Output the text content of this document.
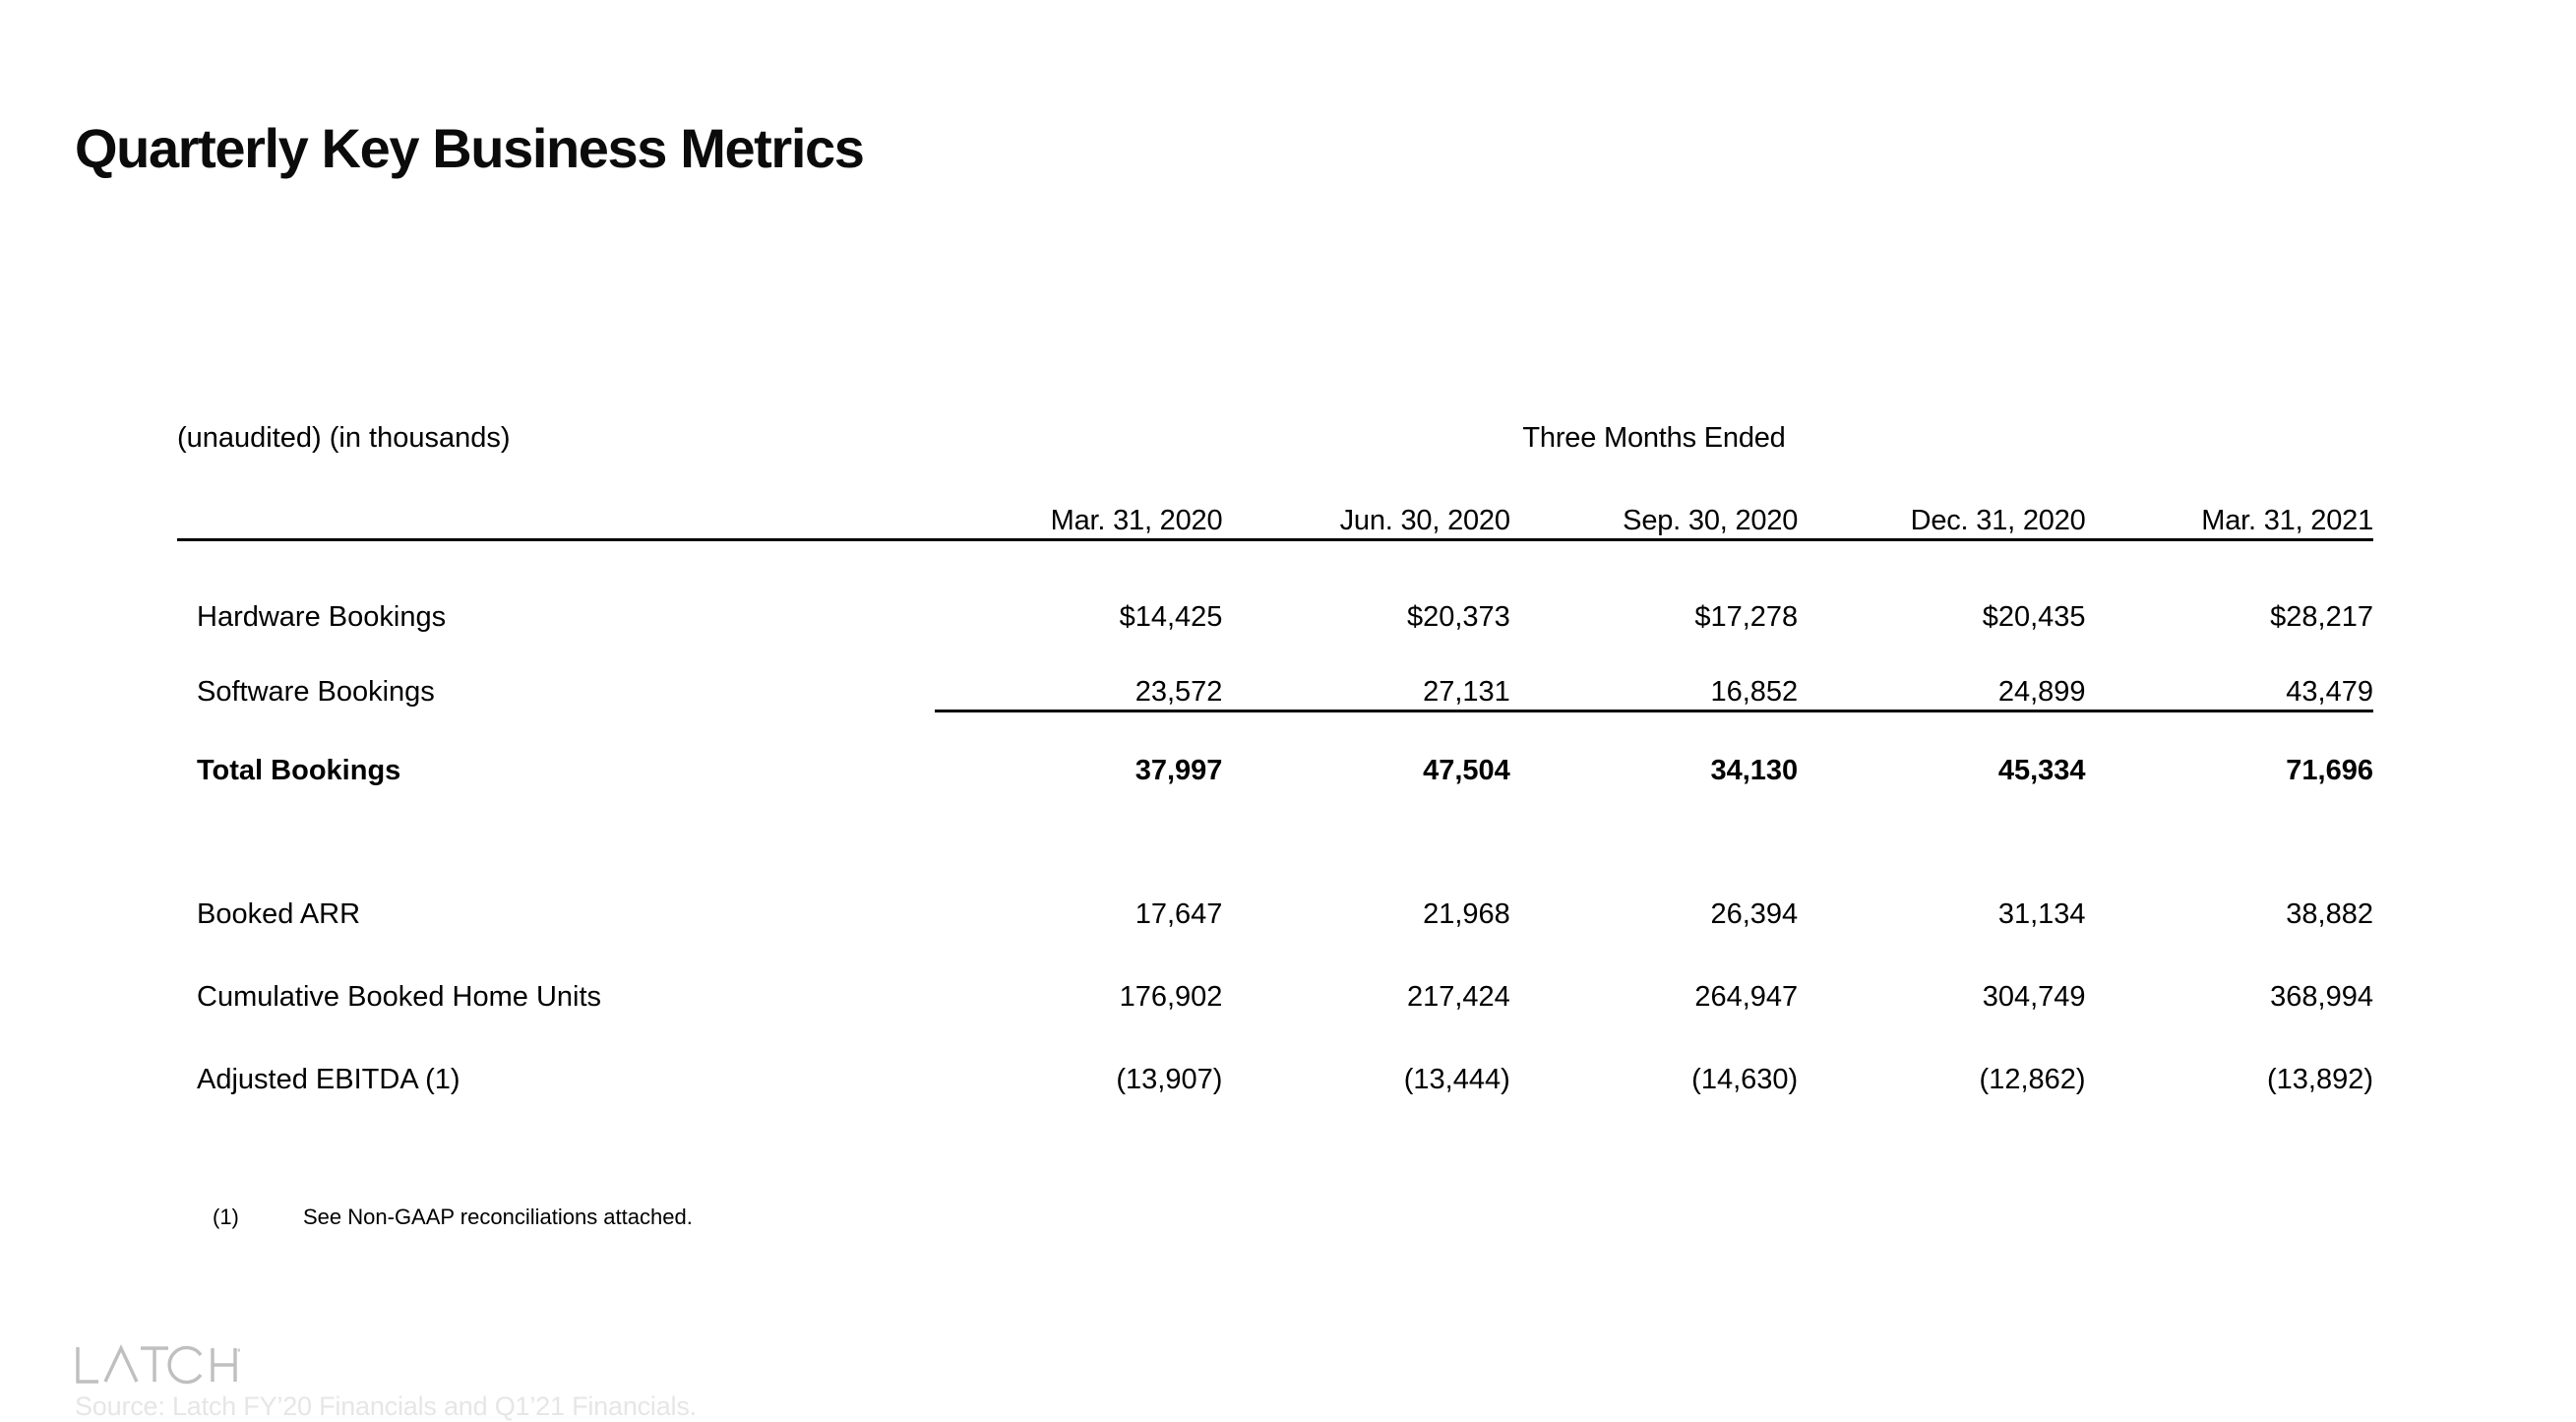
Quarterly Key Business Metrics
(unaudited) (in thousands)	Three Months Ended				
	Mar. 31, 2020	Jun. 30, 2020	Sep. 30, 2020	Dec. 31, 2020	Mar. 31, 2021

Hardware Bookings	$14,425	$20,373	$17,278	$20,435	$28,217
Software Bookings	23,572	27,131	16,852	24,899	43,479

Total Bookings	37,997	47,504	34,130	45,334	71,696

Booked ARR	17,647	21,968	26,394	31,134	38,882
Cumulative Booked Home Units	176,902	217,424	264,947	304,749	368,994
Adjusted EBITDA (1)	(13,907)	(13,444)	(14,630)	(12,862)	(13,892)
(1)	See Non-GAAP reconciliations attached.
Source: Latch FY’20 Financials and Q1’21 Financials.
